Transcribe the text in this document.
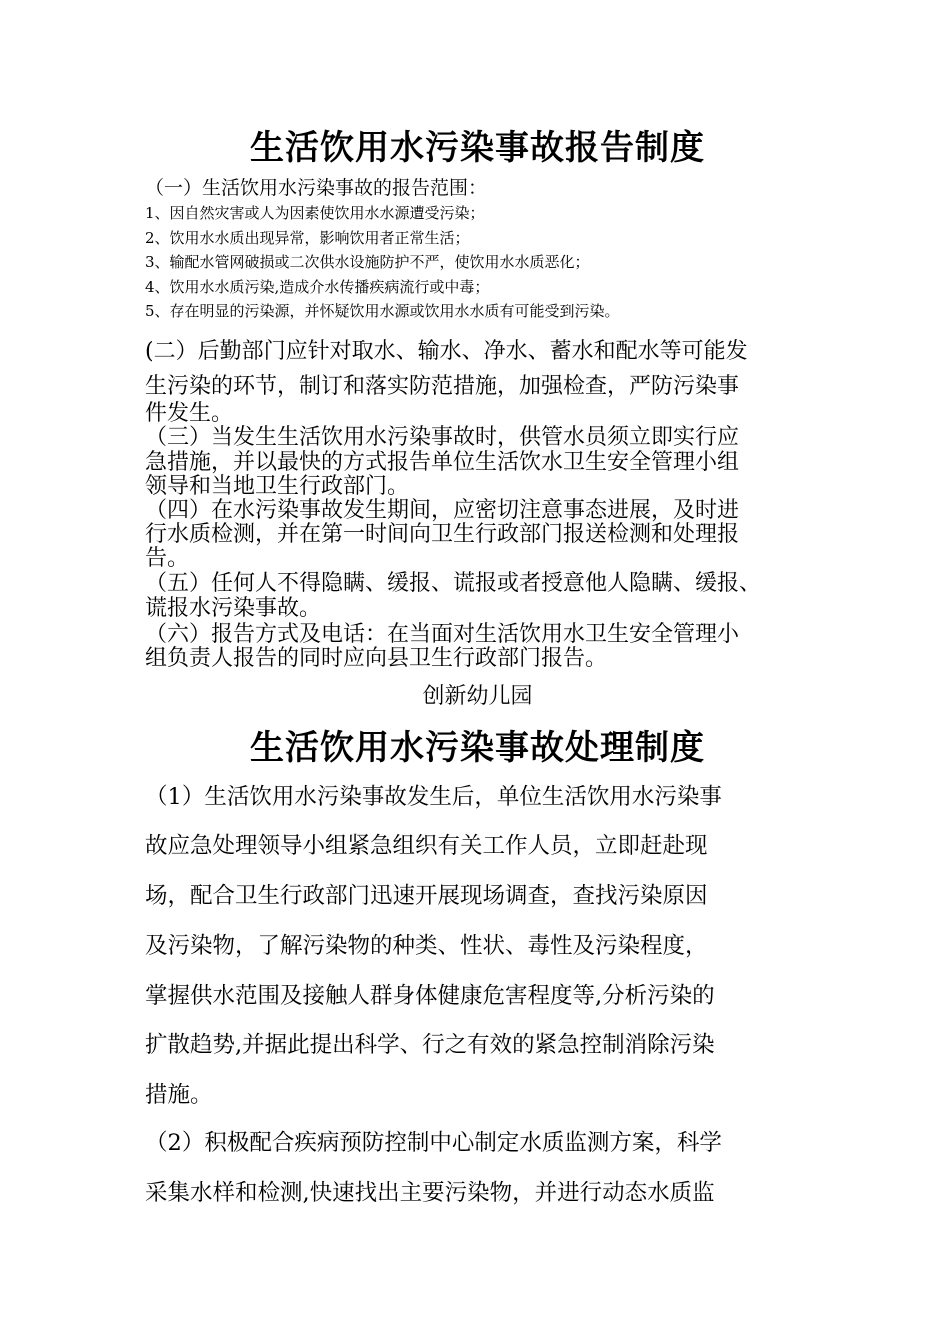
生活饮用水污染事故报告制度
（一）生活饮用水污染事故的报告范围：
1、因自然灾害或人为因素使饮用水水源遭受污染；
2、饮用水水质出现异常，影响饮用者正常生活；
3、输配水管网破损或二次供水设施防护不严，使饮用水水质恶化；
4、饮用水水质污染,造成介水传播疾病流行或中毒；
5、存在明显的污染源，并怀疑饮用水源或饮用水水质有可能受到污染。
(二）后勤部门应针对取水、输水、净水、蓄水和配水等可能发
生污染的环节，制订和落实防范措施，加强检查，严防污染事
件发生。
（三）当发生生活饮用水污染事故时，供管水员须立即实行应
急措施，并以最快的方式报告单位生活饮水卫生安全管理小组
领导和当地卫生行政部门。
（四）在水污染事故发生期间，应密切注意事态进展，及时进
行水质检测，并在第一时间向卫生行政部门报送检测和处理报
告。
（五）任何人不得隐瞒、缓报、谎报或者授意他人隐瞒、缓报、
谎报水污染事故。
（六）报告方式及电话：在当面对生活饮用水卫生安全管理小
组负责人报告的同时应向县卫生行政部门报告。
创新幼儿园
生活饮用水污染事故处理制度
（1）生活饮用水污染事故发生后，单位生活饮用水污染事
故应急处理领导小组紧急组织有关工作人员，立即赶赴现
场，配合卫生行政部门迅速开展现场调查，查找污染原因
及污染物，了解污染物的种类、性状、毒性及污染程度，
掌握供水范围及接触人群身体健康危害程度等,分析污染的
扩散趋势,并据此提出科学、行之有效的紧急控制消除污染
措施。
（2）积极配合疾病预防控制中心制定水质监测方案，科学
采集水样和检测,快速找出主要污染物，并进行动态水质监
